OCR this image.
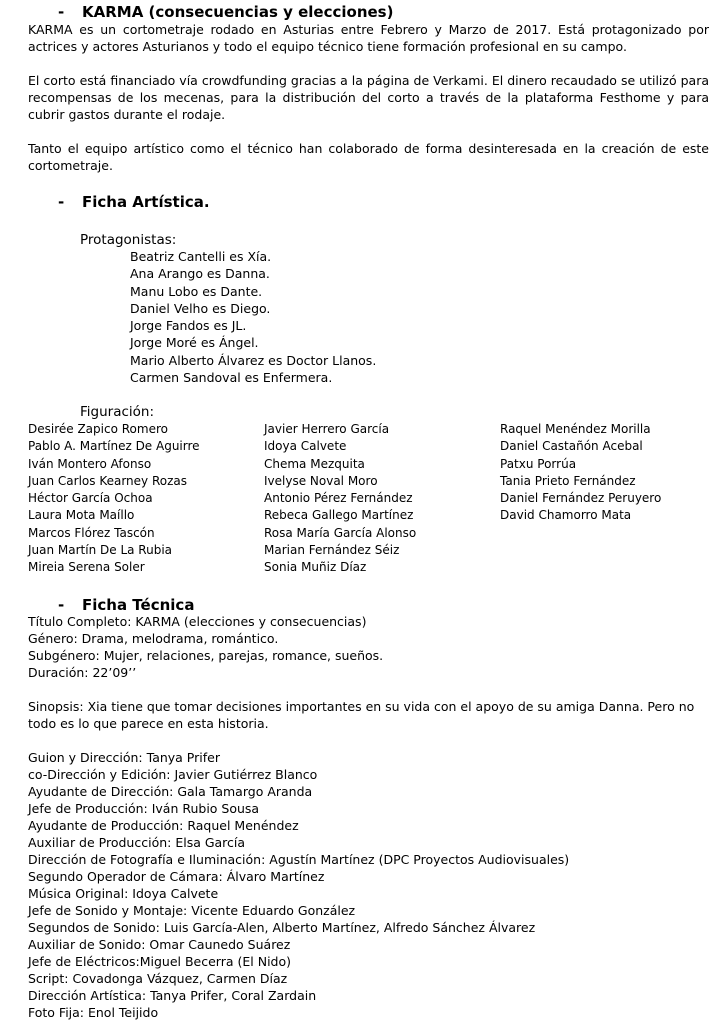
- KARMA (consecuencias y elecciones)
KARMA es un cortometraje rodado en Asturias entre Febrero y Marzo de 2017. Está protagonizado por actrices y actores Asturianos y todo el equipo técnico tiene formación profesional en su campo.
El corto está financiado vía crowdfunding gracias a la página de Verkami. El dinero recaudado se utilizó para recompensas de los mecenas, para la distribución del corto a través de la plataforma Festhome y para cubrir gastos durante el rodaje.
Tanto el equipo artístico como el técnico han colaborado de forma desinteresada en la creación de este cortometraje.
- Ficha Artística.
Protagonistas:
Beatriz Cantelli es Xía.
Ana Arango es Danna.
Manu Lobo es Dante.
Daniel Velho es Diego.
Jorge Fandos es JL.
Jorge Moré es Ángel.
Mario Alberto Álvarez es Doctor Llanos.
Carmen Sandoval es Enfermera.
Figuración:
Desirée Zapico Romero
Pablo A. Martínez De Aguirre
Iván Montero Afonso
Juan Carlos Kearney Rozas
Héctor García Ochoa
Laura Mota Maíllo
Marcos Flórez Tascón
Juan Martín De La Rubia
Mireia Serena Soler
Javier Herrero García
Idoya Calvete
Chema Mezquita
Ivelyse Noval Moro
Antonio Pérez Fernández
Rebeca Gallego Martínez
Rosa María García Alonso
Marian Fernández Séiz
Sonia Muñiz Díaz
Raquel Menéndez Morilla
Daniel Castañón Acebal
Patxu Porrúa
Tania Prieto Fernández
Daniel Fernández Peruyero
David Chamorro Mata
- Ficha Técnica
Título Completo: KARMA (elecciones y consecuencias)
Género: Drama, melodrama, romántico.
Subgénero: Mujer, relaciones, parejas, romance, sueños.
Duración: 22’09’’
Sinopsis: Xia tiene que tomar decisiones importantes en su vida con el apoyo de su amiga Danna. Pero no todo es lo que parece en esta historia.
Guion y Dirección: Tanya Prifer
co-Dirección y Edición: Javier Gutiérrez Blanco
Ayudante de Dirección: Gala Tamargo Aranda
Jefe de Producción: Iván Rubio Sousa
Ayudante de Producción: Raquel Menéndez
Auxiliar de Producción: Elsa García
Dirección de Fotografía e Iluminación: Agustín Martínez (DPC Proyectos Audiovisuales)
Segundo Operador de Cámara: Álvaro Martínez
Música Original: Idoya Calvete
Jefe de Sonido y Montaje: Vicente Eduardo González
Segundos de Sonido: Luis García-Alen, Alberto Martínez, Alfredo Sánchez Álvarez
Auxiliar de Sonido: Omar Caunedo Suárez
Jefe de Eléctricos:Miguel Becerra (El Nido)
Script: Covadonga Vázquez, Carmen Díaz
Dirección Artística: Tanya Prifer, Coral Zardain
Foto Fija: Enol Teijido
